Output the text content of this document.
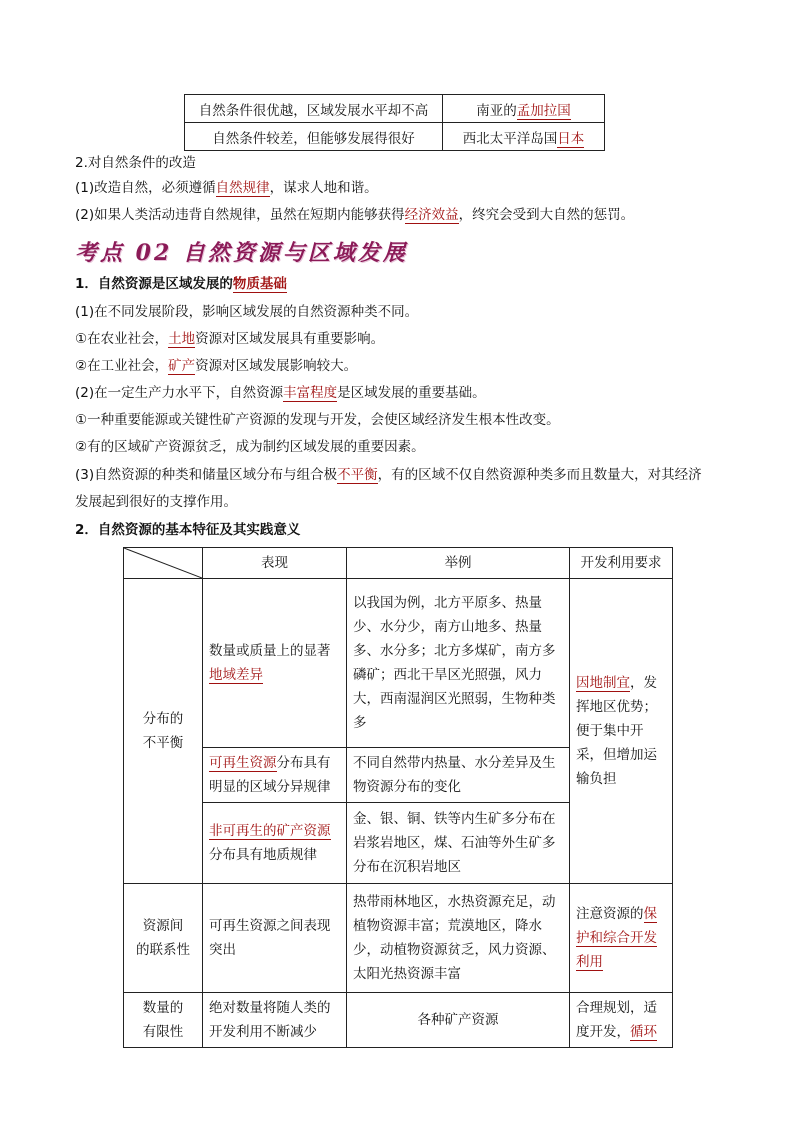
自然条件很优越，区域发展水平却不高	南亚的孟加拉国
自然条件较差，但能够发展得很好	西北太平洋岛国日本
2.对自然条件的改造
(1)改造自然，必须遵循自然规律，谋求人地和谐。
(2)如果人类活动违背自然规律，虽然在短期内能够获得经济效益，终究会受到大自然的惩罚。
考点 02 自然资源与区域发展
1．自然资源是区域发展的物质基础
(1)在不同发展阶段，影响区域发展的自然资源种类不同。
①在农业社会，土地资源对区域发展具有重要影响。
②在工业社会，矿产资源对区域发展影响较大。
(2)在一定生产力水平下，自然资源丰富程度是区域发展的重要基础。
①一种重要能源或关键性矿产资源的发现与开发，会使区域经济发生根本性改变。
②有的区域矿产资源贫乏，成为制约区域发展的重要因素。
(3)自然资源的种类和储量区域分布与组合极不平衡，有的区域不仅自然资源种类多而且数量大，对其经济
发展起到很好的支撑作用。
2．自然资源的基本特征及其实践意义
	表现	举例	开发利用要求
分布的
不平衡	数量或质量上的显著
地域差异	以我国为例，北方平原多、热量少、水分少，南方山地多、热量多、水分多；北方多煤矿，南方多磷矿；西北干旱区光照强，风力大，西南湿润区光照弱，生物种类多	因地制宜，发挥地区优势；便于集中开采，但增加运输负担
	可再生资源分布具有明显的区域分异规律	不同自然带内热量、水分差异及生物资源分布的变化	
	非可再生的矿产资源
分布具有地质规律	金、银、铜、铁等内生矿多分布在岩浆岩地区，煤、石油等外生矿多分布在沉积岩地区	
资源间
的联系性	可再生资源之间表现突出	热带雨林地区，水热资源充足，动植物资源丰富；荒漠地区，降水少，动植物资源贫乏，风力资源、太阳光热资源丰富	注意资源的保护和综合开发利用
数量的
有限性	绝对数量将随人类的开发利用不断减少	各种矿产资源	合理规划，适度开发，循环
